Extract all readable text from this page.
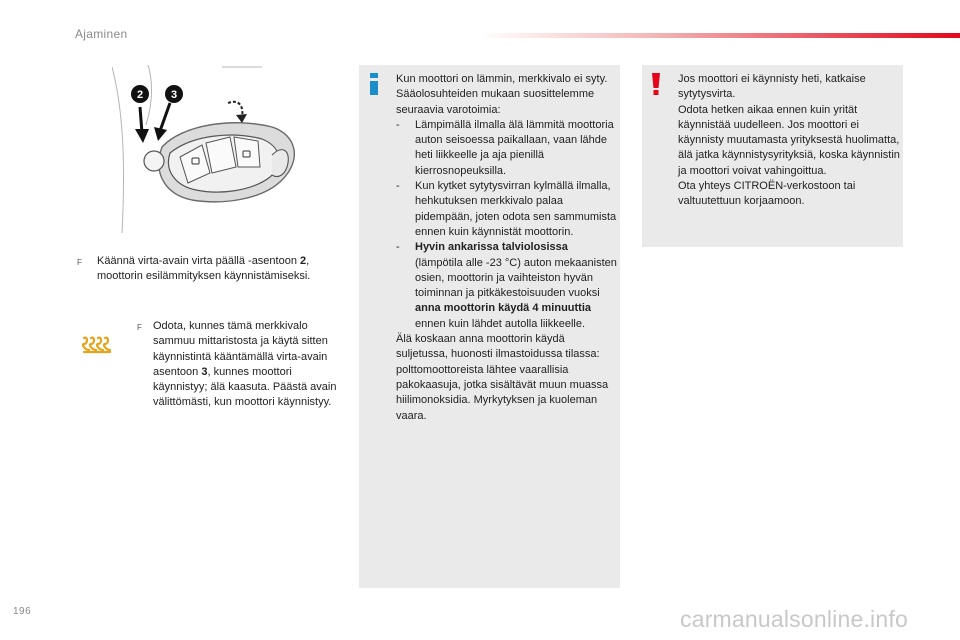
Ajaminen
2	3
F	Käännä virta-avain virta päällä -asentoon 2,

moottorin esilämmityksen käynnistämiseksi.

F	Odota, kunnes tämä merkkivalo sammuu mittaristosta ja käytä sitten käynnistintä kääntämällä virta-avain asentoon 3, kunnes moottori käynnistyy; älä kaasuta. Päästä avain välittömästi, kun moottori käynnistyy.

Kun moottori on lämmin, merkkivalo ei syty. Sääolosuhteiden mukaan suosittelemme seuraavia varotoimia:

- Lämpimällä ilmalla älä lämmitä moottoria auton seisoessa paikallaan, vaan lähde heti liikkeelle ja aja pienillä kierrosnopeuksilla.
- Kun kytket sytytysvirran kylmällä ilmalla, hehkutuksen merkkivalo palaa pidempään, joten odota sen sammumista ennen kuin käynnistät moottorin.
- Hyvin ankarissa talviolosissa (lämpötila alle -23 °C) auton mekaanisten osien, moottorin ja vaihteiston hyvän toiminnan ja pitkäkestoisuuden vuoksi anna moottorin käydä 4 minuuttia ennen kuin lähdet autolla liikkeelle.

Älä koskaan anna moottorin käydä suljetussa, huonosti ilmastoidussa tilassa: polttomoottoreista lähtee vaarallisia pakokaasuja, jotka sisältävät muun muassa hiilimonoksidia. Myrkytyksen ja kuoleman vaara.

Jos moottori ei käynnisty heti, katkaise sytytysvirta.

Odota hetken aikaa ennen kuin yrität käynnistää uudelleen. Jos moottori ei käynnisty muutamasta yrityksestä huolimatta, älä jatka käynnistysyrityksiä, koska käynnistin ja moottori voivat vahingoittua.

Ota yhteys CITROËN-verkostoon tai valtuutettuun korjaamoon.

196	carmanualsonline.info
